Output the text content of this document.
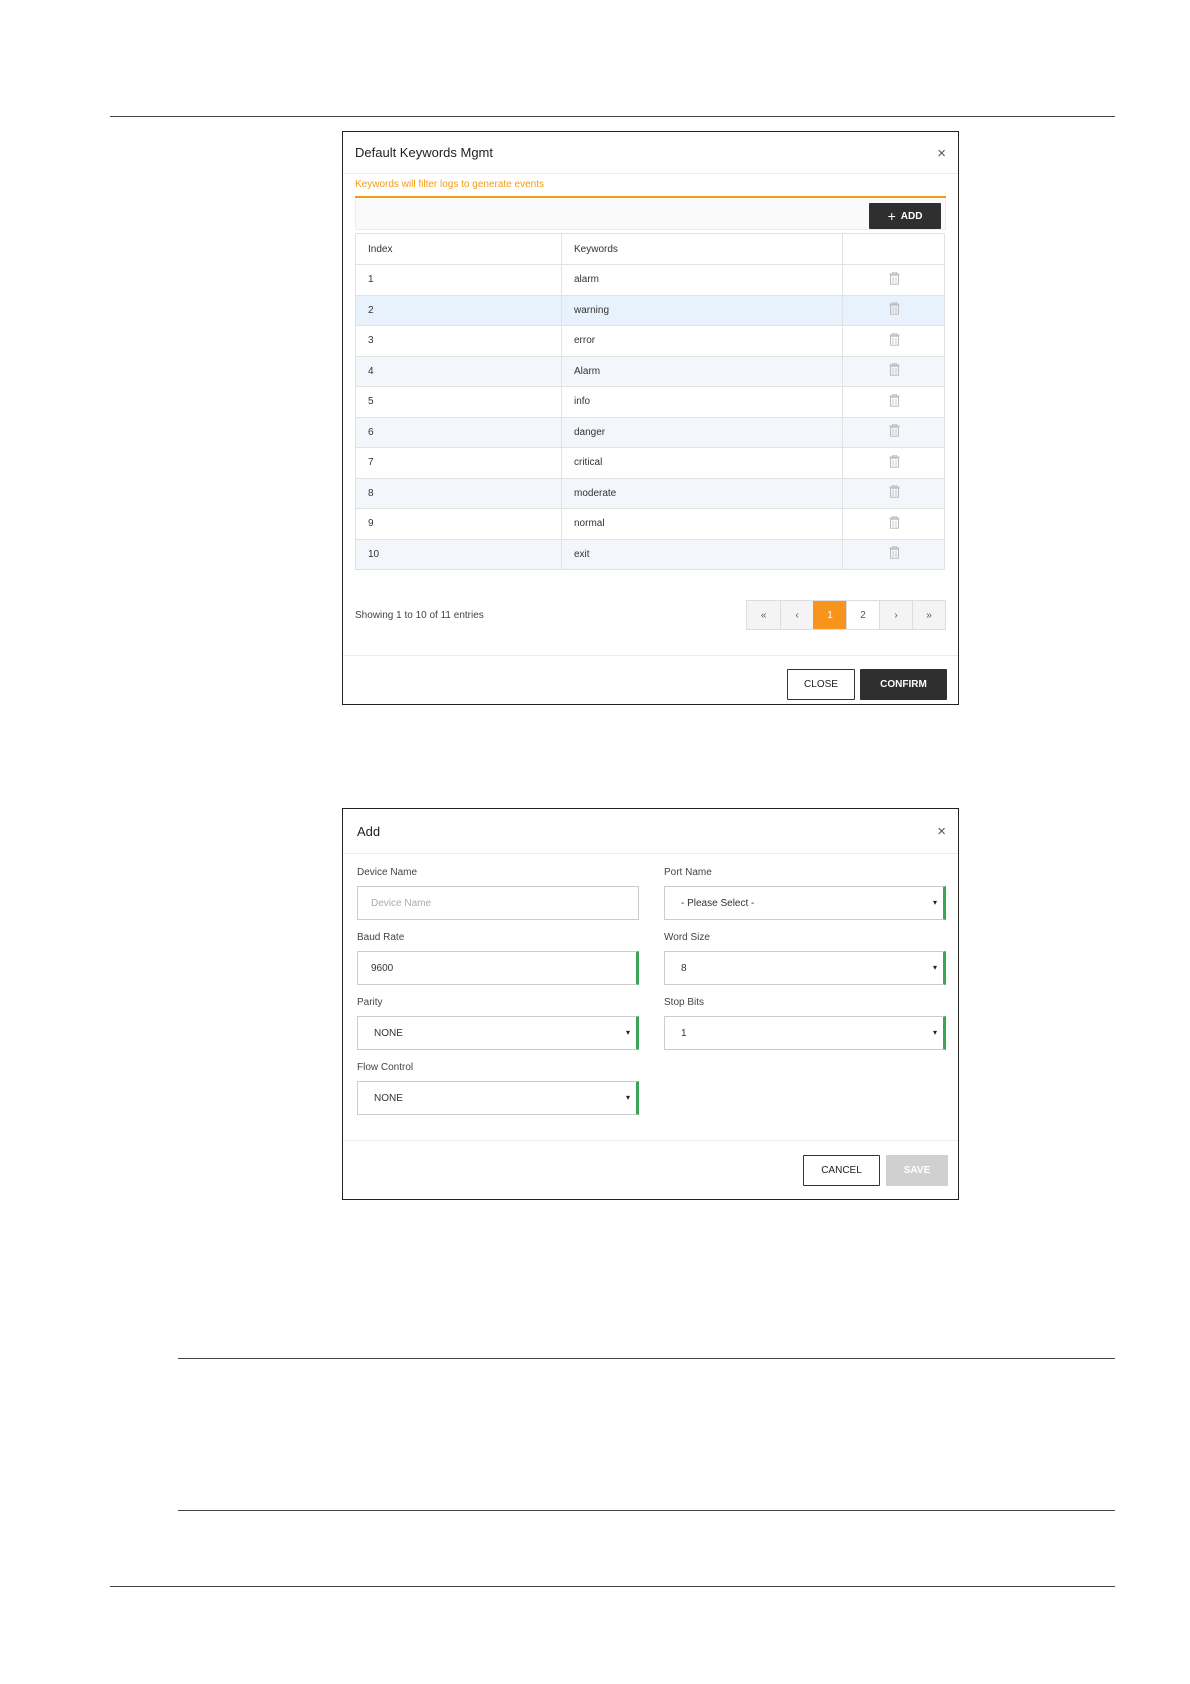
Default Keywords Mgmt	×
Keywords will filter logs to generate events
+ ADD
Index	Keywords	
1	alarm	
2	warning	
3	error	
4	Alarm	
5	info	
6	danger	
7	critical	
8	moderate	
9	normal	
10	exit	
Showing 1 to 10 of 11 entries	«	‹	1	2	›	»
CLOSE	CONFIRM
Add	×
Device Name
Device Name
Port Name
- Please Select -	▾
Baud Rate
9600
Word Size
8	▾
Parity
NONE	▾
Stop Bits
1	▾
Flow Control
NONE	▾
CANCEL	SAVE
